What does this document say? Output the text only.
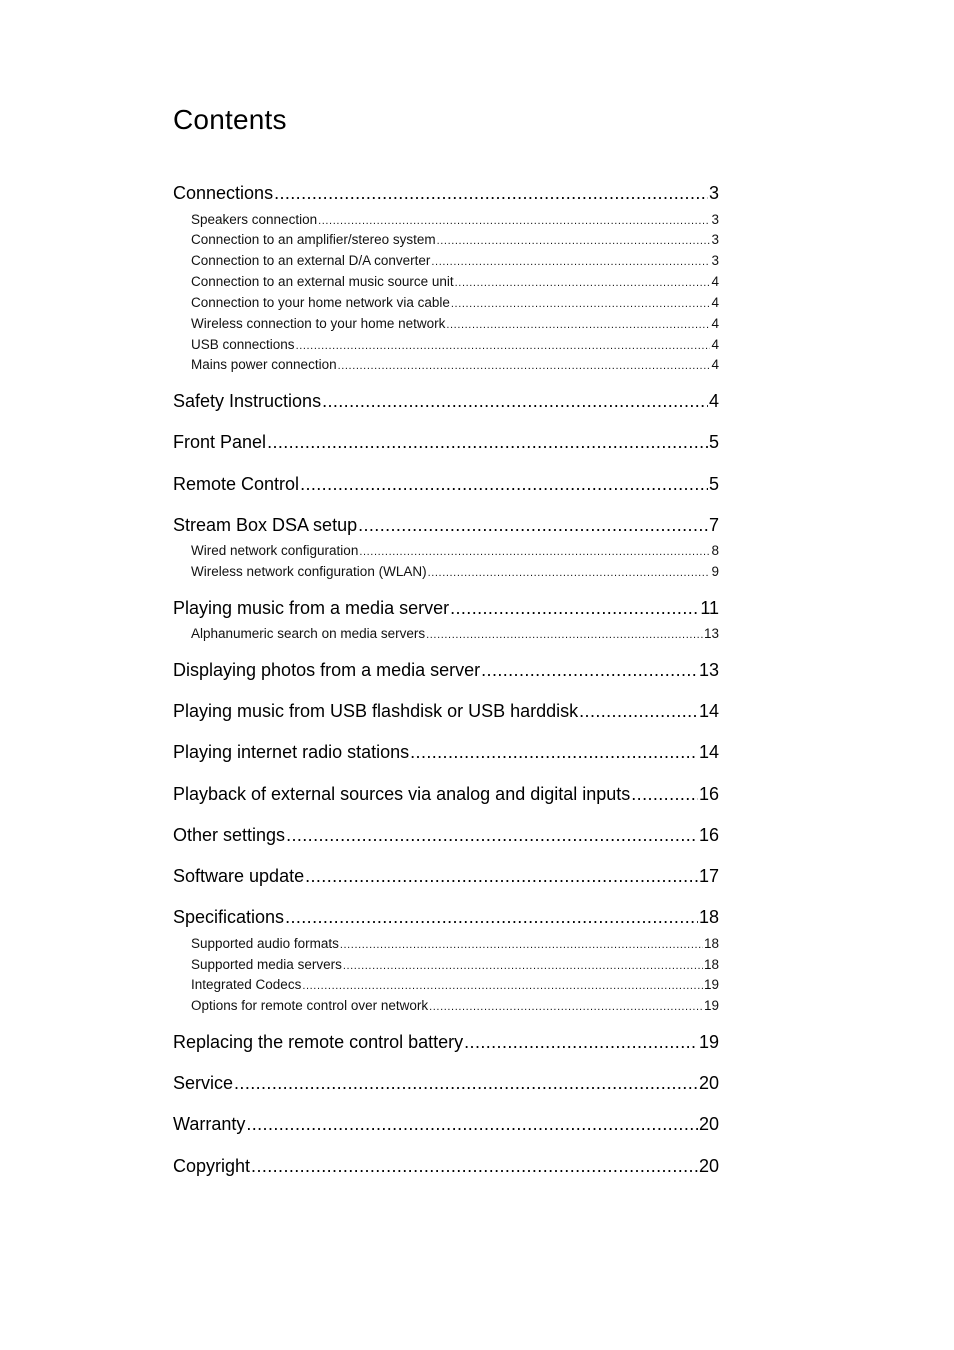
Contents
Connections .....	3
Speakers connection .....	3
Connection to an amplifier/stereo system .....	3
Connection to an external D/A converter .....	3
Connection to an external music source unit .....	4
Connection to your home network via cable .....	4
Wireless connection to your home network .....	4
USB connections .....	4
Mains power connection .....	4
Safety Instructions .....	4
Front Panel .....	5
Remote Control .....	5
Stream Box DSA setup .....	7
Wired network configuration .....	8
Wireless network configuration (WLAN) .....	9
Playing music from a media server .....	11
Alphanumeric search on media servers .....	13
Displaying photos from a media server .....	13
Playing music from USB flashdisk or USB harddisk .....	14
Playing internet radio stations .....	14
Playback of external sources via analog and digital inputs .....	16
Other settings .....	16
Software update .....	17
Specifications .....	18
Supported audio formats .....	18
Supported media servers .....	18
Integrated Codecs .....	19
Options for remote control over network .....	19
Replacing the remote control battery .....	19
Service .....	20
Warranty .....	20
Copyright .....	20
